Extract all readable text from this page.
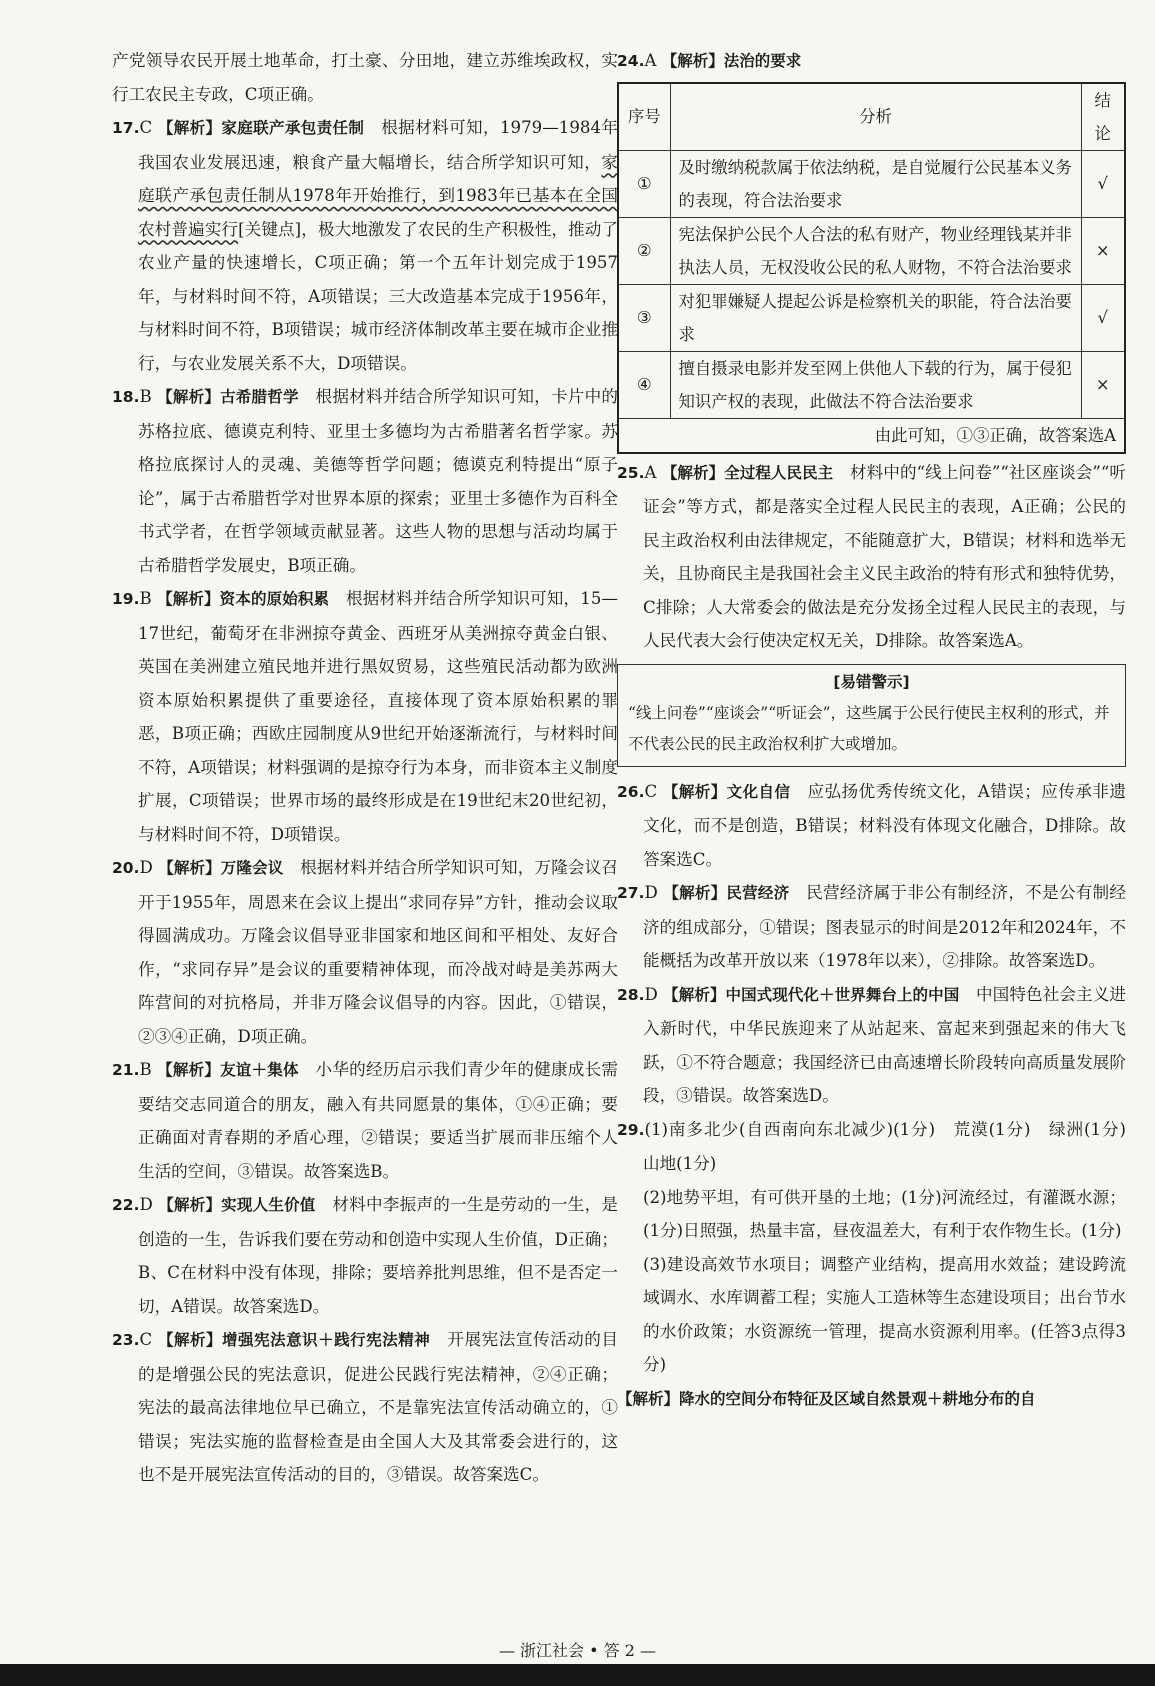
​

产党领导农民开展土地革命，打土豪、分田地，建立苏维埃政权，实行工农民主专政，C项正确。

17.C 【解析】家庭联产承包责任制　 根据材料可知，1979—1984年我国农业发展迅速，粮食产量大幅增长，结合所学知识可知，家庭联产承包责任制从1978年开始推行，到1983年已基本在全国农村普遍实行[关键点]，极大地激发了农民的生产积极性，推动了农业产量的快速增长，C项正确；第一个五年计划完成于1957年，与材料时间不符，A项错误；三大改造基本完成于1956年，与材料时间不符，B项错误；城市经济体制改革主要在城市企业推行，与农业发展关系不大，D项错误。

18.B 【解析】古希腊哲学　 根据材料并结合所学知识可知，卡片中的苏格拉底、德谟克利特、亚里士多德均为古希腊著名哲学家。苏格拉底探讨人的灵魂、美德等哲学问题；德谟克利特提出“原子论”，属于古希腊哲学对世界本原的探索；亚里士多德作为百科全书式学者，在哲学领域贡献显著。这些人物的思想与活动均属于古希腊哲学发展史，B项正确。

19.B 【解析】资本的原始积累　 根据材料并结合所学知识可知，15—17世纪，葡萄牙在非洲掠夺黄金、西班牙从美洲掠夺黄金白银、英国在美洲建立殖民地并进行黑奴贸易，这些殖民活动都为欧洲资本原始积累提供了重要途径，直接体现了资本原始积累的罪恶，B项正确；西欧庄园制度从9世纪开始逐渐流行，与材料时间不符，A项错误；材料强调的是掠夺行为本身，而非资本主义制度扩展，C项错误；世界市场的最终形成是在19世纪末20世纪初，与材料时间不符，D项错误。

20.D 【解析】万隆会议　 根据材料并结合所学知识可知，万隆会议召开于1955年，周恩来在会议上提出“求同存异”方针，推动会议取得圆满成功。万隆会议倡导亚非国家和地区间和平相处、友好合作，“求同存异”是会议的重要精神体现，而冷战对峙是美苏两大阵营间的对抗格局，并非万隆会议倡导的内容。因此，①错误，②③④正确，D项正确。

21.B 【解析】友谊＋集体　 小华的经历启示我们青少年的健康成长需要结交志同道合的朋友，融入有共同愿景的集体，①④正确；要正确面对青春期的矛盾心理，②错误；要适当扩展而非压缩个人生活的空间，③错误。故答案选B。

22.D 【解析】实现人生价值　 材料中李振声的一生是劳动的一生，是创造的一生，告诉我们要在劳动和创造中实现人生价值，D正确；B、C在材料中没有体现，排除；要培养批判思维，但不是否定一切，A错误。故答案选D。

23.C 【解析】增强宪法意识＋践行宪法精神　 开展宪法宣传活动的目的是增强公民的宪法意识，促进公民践行宪法精神，②④正确；宪法的最高法律地位早已确立，不是靠宪法宣传活动确立的，①错误；宪法实施的监督检查是由全国人大及其常委会进行的，这也不是开展宪法宣传活动的目的，③错误。故答案选C。

24.A 【解析】法治的要求

序号	分析	结论
①	及时缴纳税款属于依法纳税，是自觉履行公民基本义务的表现，符合法治要求	√
②	宪法保护公民个人合法的私有财产，物业经理钱某并非执法人员，无权没收公民的私人财物，不符合法治要求	×
③	对犯罪嫌疑人提起公诉是检察机关的职能，符合法治要求	√
④	擅自摄录电影并发至网上供他人下载的行为，属于侵犯知识产权的表现，此做法不符合法治要求	×
由此可知，①③正确，故答案选A		

25.A 【解析】全过程人民民主　 材料中的“线上问卷”“社区座谈会”“听证会”等方式，都是落实全过程人民民主的表现，A正确；公民的民主政治权利由法律规定，不能随意扩大，B错误；材料和选举无关，且协商民主是我国社会主义民主政治的特有形式和独特优势，C排除；人大常委会的做法是充分发扬全过程人民民主的表现，与人民代表大会行使决定权无关，D排除。故答案选A。

[易错警示]
“线上问卷”“座谈会”“听证会”，这些属于公民行使民主权利的形式，并不代表公民的民主政治权利扩大或增加。

26.C 【解析】文化自信　 应弘扬优秀传统文化，A错误；应传承非遗文化，而不是创造，B错误；材料没有体现文化融合，D排除。故答案选C。

27.D 【解析】民营经济　 民营经济属于非公有制经济，不是公有制经济的组成部分，①错误；图表显示的时间是2012年和2024年，不能概括为改革开放以来（1978年以来），②排除。故答案选D。

28.D 【解析】中国式现代化＋世界舞台上的中国　 中国特色社会主义进入新时代，中华民族迎来了从站起来、富起来到强起来的伟大飞跃，①不符合题意；我国经济已由高速增长阶段转向高质量发展阶段，③错误。故答案选D。

29.(1)南多北少(自西南向东北减少)(1分)　荒漠(1分)　绿洲(1分)　山地(1分)

(2)地势平坦，有可供开垦的土地；(1分)河流经过，有灌溉水源；(1分)日照强，热量丰富，昼夜温差大，有利于农作物生长。(1分)

(3)建设高效节水项目；调整产业结构，提高用水效益；建设跨流域调水、水库调蓄工程；实施人工造林等生态建设项目；出台节水的水价政策；水资源统一管理，提高水资源利用率。(任答3点得3分)

【解析】降水的空间分布特征及区域自然景观＋耕地分布的自

— 浙江社会 • 答 2 —
